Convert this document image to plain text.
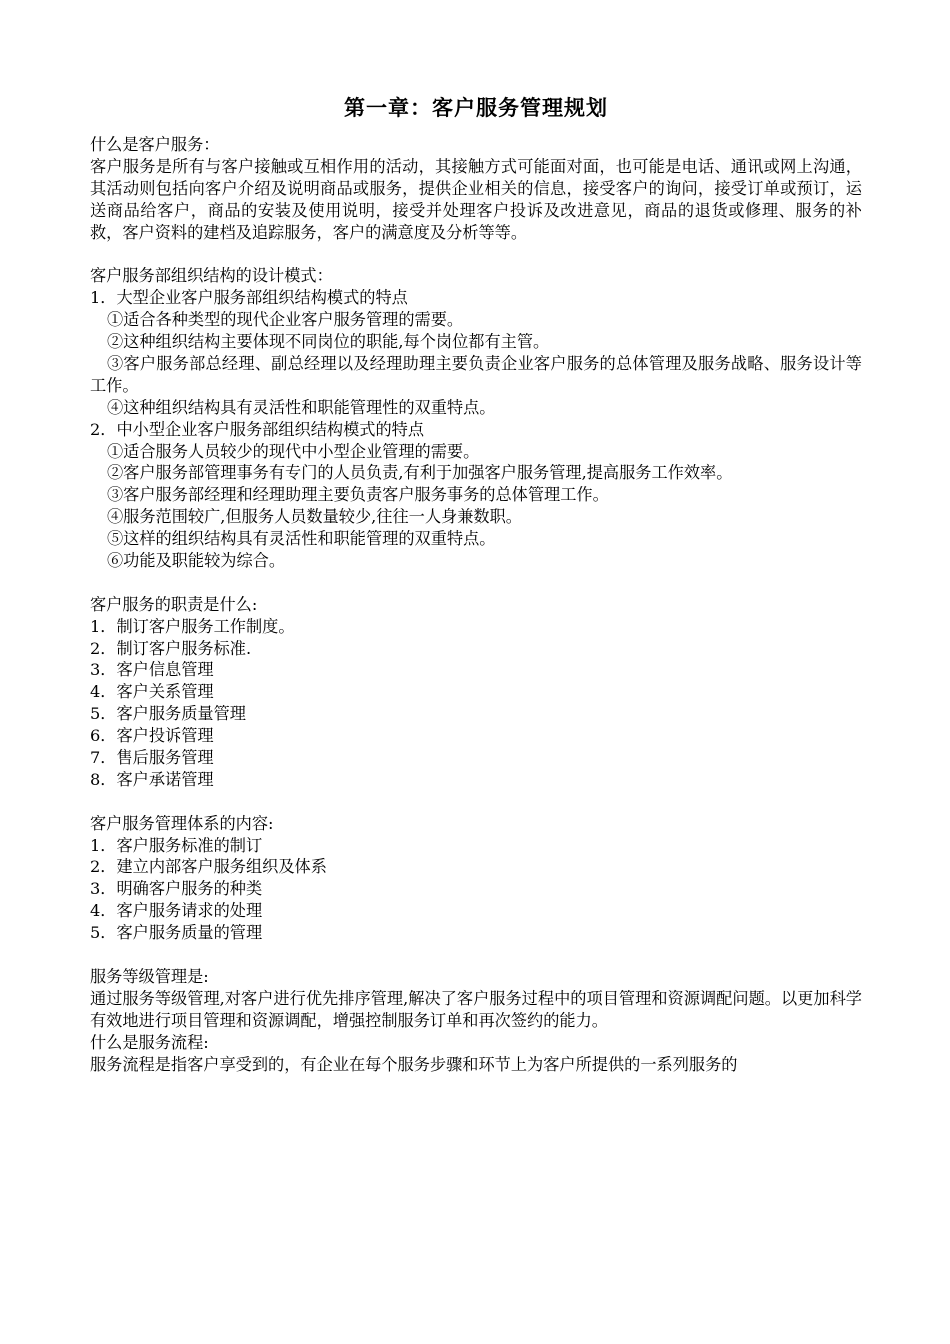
第一章：客户服务管理规划
什么是客户服务：
客户服务是所有与客户接触或互相作用的活动，其接触方式可能面对面，也可能是电话、通讯或网上沟通，其活动则包括向客户介绍及说明商品或服务，提供企业相关的信息，接受客户的询问，接受订单或预订，运送商品给客户，商品的安装及使用说明，接受并处理客户投诉及改进意见，商品的退货或修理、服务的补救，客户资料的建档及追踪服务，客户的满意度及分析等等。
客户服务部组织结构的设计模式：
1．大型企业客户服务部组织结构模式的特点
①适合各种类型的现代企业客户服务管理的需要。
②这种组织结构主要体现不同岗位的职能,每个岗位都有主管。
③客户服务部总经理、副总经理以及经理助理主要负责企业客户服务的总体管理及服务战略、服务设计等工作。
④这种组织结构具有灵活性和职能管理性的双重特点。
2．中小型企业客户服务部组织结构模式的特点
①适合服务人员较少的现代中小型企业管理的需要。
②客户服务部管理事务有专门的人员负责,有利于加强客户服务管理,提高服务工作效率。
③客户服务部经理和经理助理主要负责客户服务事务的总体管理工作。
④服务范围较广,但服务人员数量较少,往往一人身兼数职。
⑤这样的组织结构具有灵活性和职能管理的双重特点。
⑥功能及职能较为综合。
客户服务的职责是什么:
1．制订客户服务工作制度。
2．制订客户服务标准.
3．客户信息管理
4．客户关系管理
5．客户服务质量管理
6．客户投诉管理
7．售后服务管理
8．客户承诺管理
客户服务管理体系的内容:
1．客户服务标准的制订
2．建立内部客户服务组织及体系
3．明确客户服务的种类
4．客户服务请求的处理
5．客户服务质量的管理
服务等级管理是:
通过服务等级管理,对客户进行优先排序管理,解决了客户服务过程中的项目管理和资源调配问题。以更加科学有效地进行项目管理和资源调配，增强控制服务订单和再次签约的能力。
什么是服务流程:
服务流程是指客户享受到的，有企业在每个服务步骤和环节上为客户所提供的一系列服务的
